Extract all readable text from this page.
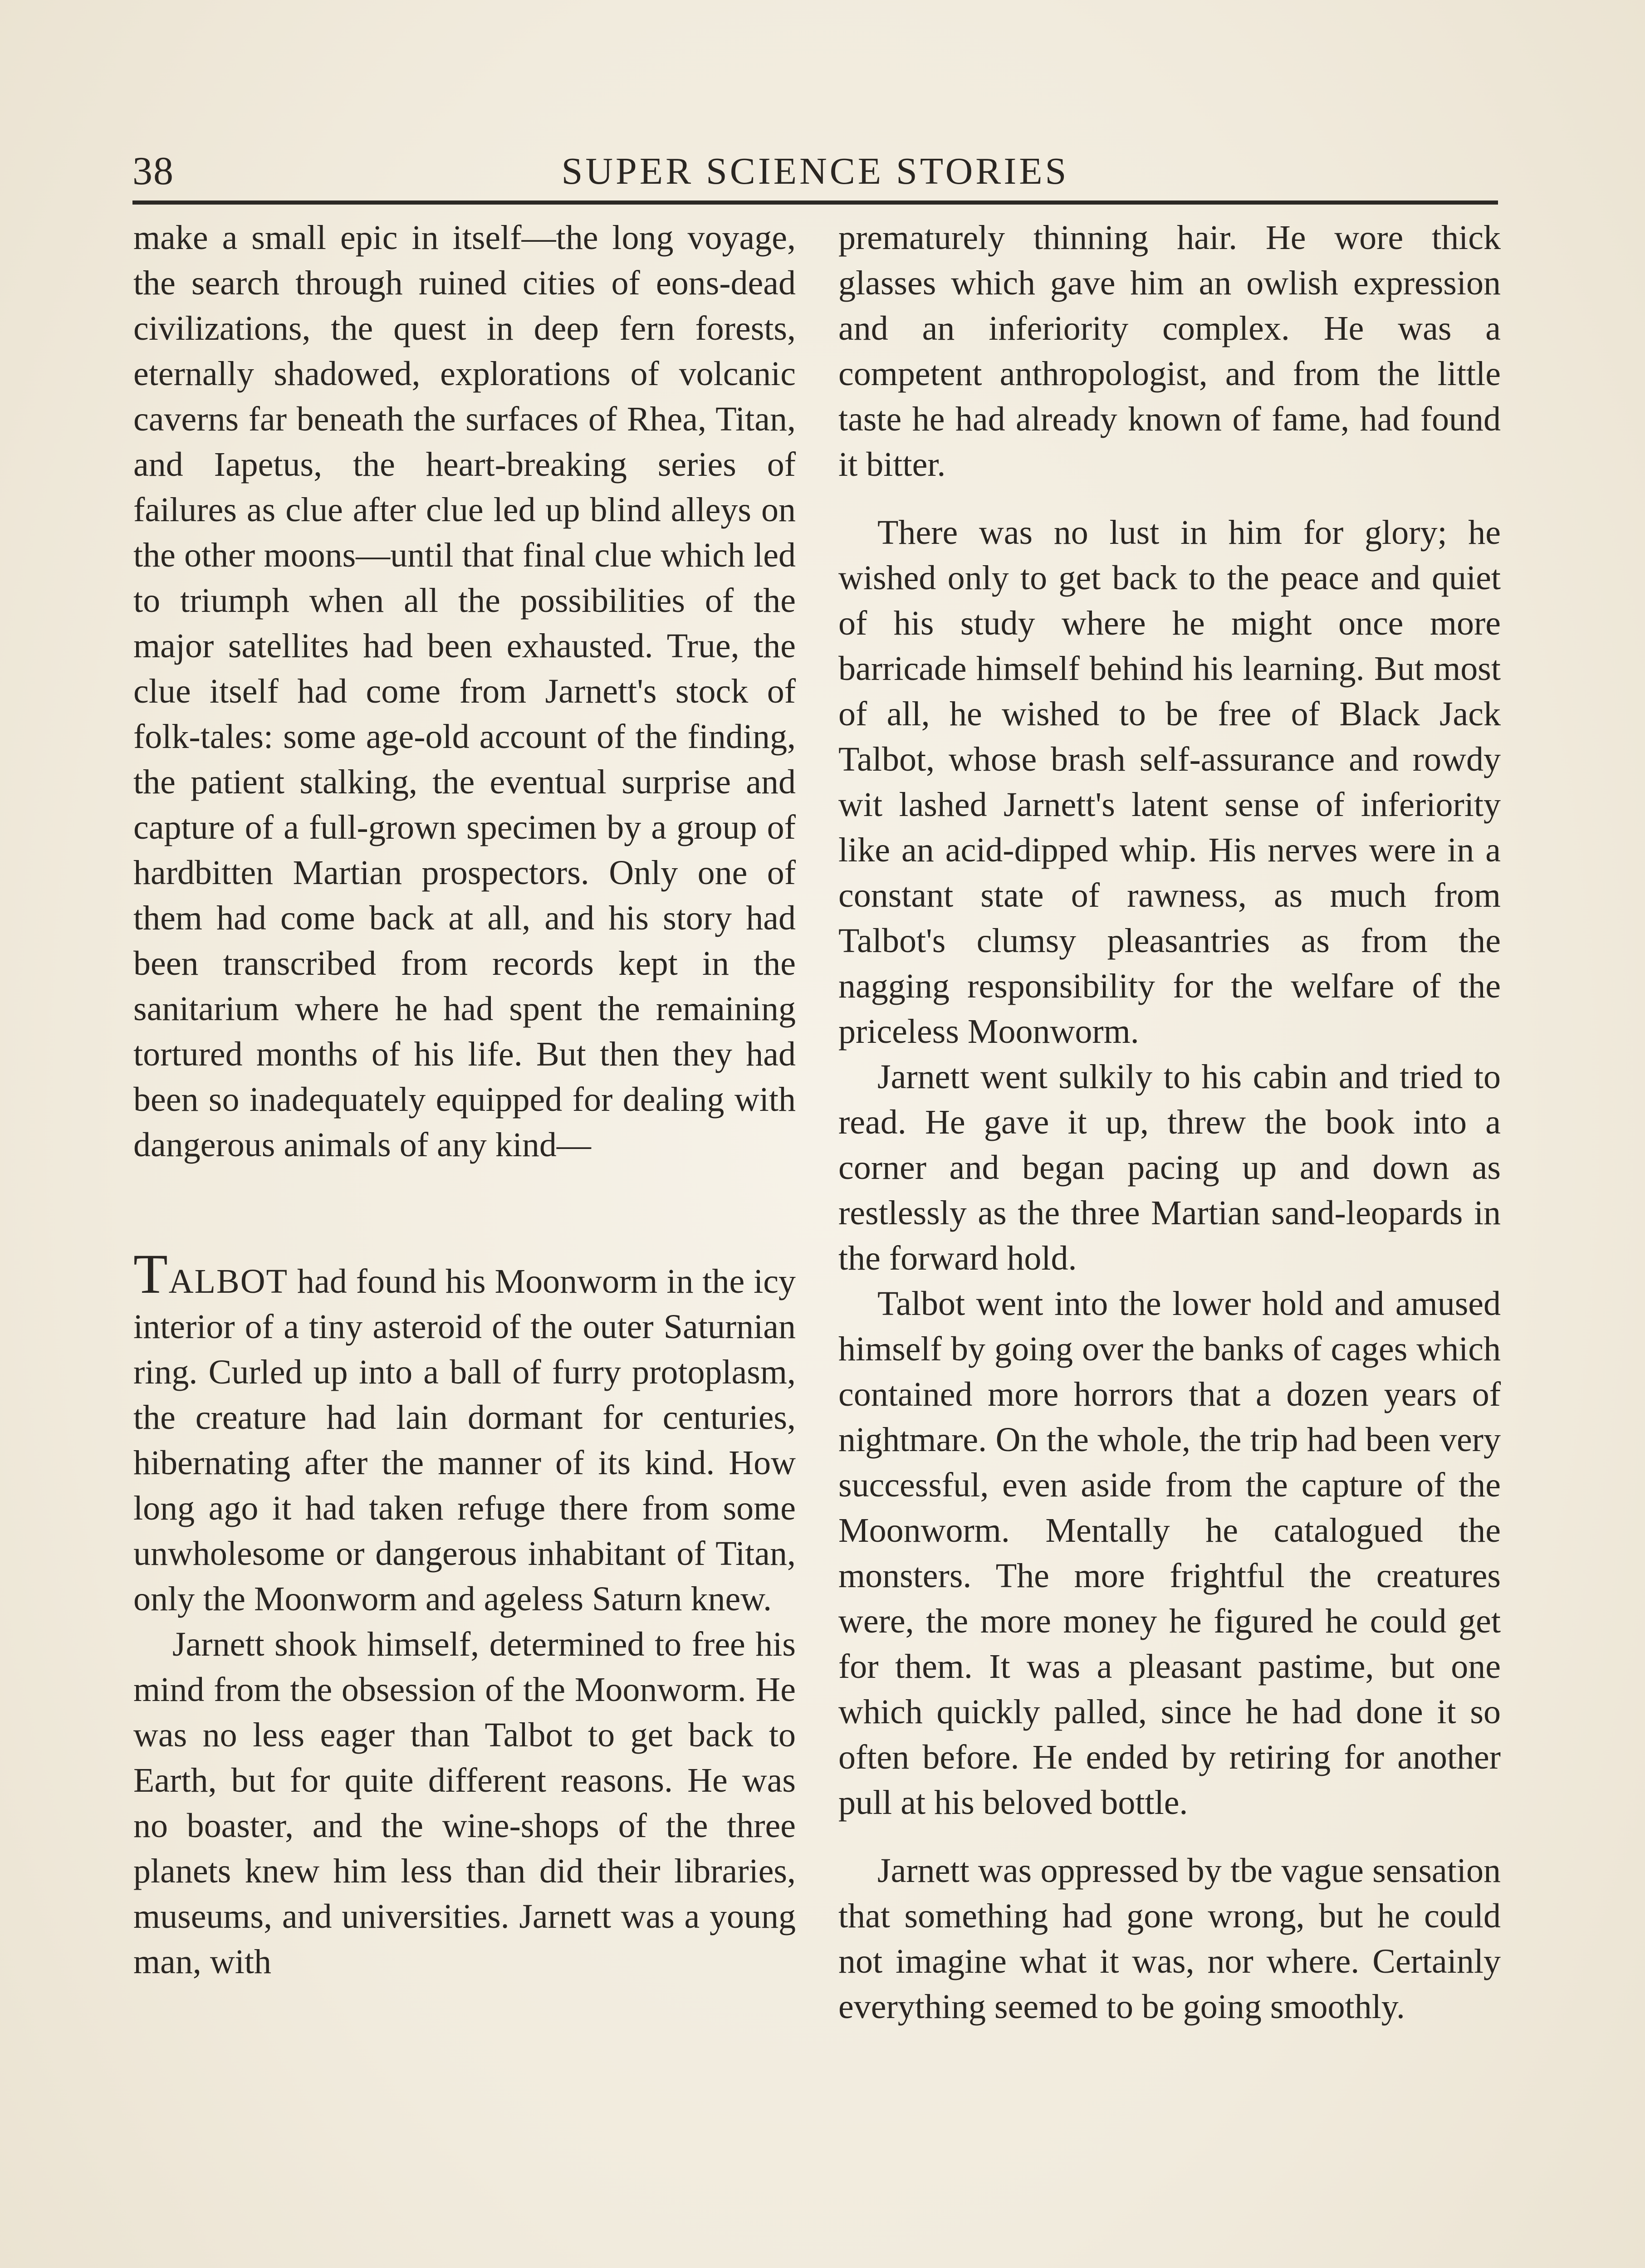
38	SUPER SCIENCE STORIES

make a small epic in itself—the long voyage, the search through ruined cities of eons-dead civilizations, the quest in deep fern forests, eternally shadowed, explorations of volcanic caverns far beneath the surfaces of Rhea, Titan, and Iapetus, the heart-breaking series of failures as clue after clue led up blind alleys on the other moons—until that final clue which led to triumph when all the possibilities of the major satellites had been exhausted. True, the clue itself had come from Jarnett's stock of folk-tales: some age-old account of the finding, the patient stalking, the eventual surprise and capture of a full-grown specimen by a group of hardbitten Martian prospectors. Only one of them had come back at all, and his story had been transcribed from records kept in the sanitarium where he had spent the remaining tortured months of his life. But then they had been so inadequately equipped for dealing with dangerous animals of any kind—

TALBOT had found his Moonworm in the icy interior of a tiny asteroid of the outer Saturnian ring. Curled up into a ball of furry protoplasm, the creature had lain dormant for centuries, hibernating after the manner of its kind. How long ago it had taken refuge there from some unwholesome or dangerous inhabitant of Titan, only the Moonworm and ageless Saturn knew.

Jarnett shook himself, determined to free his mind from the obsession of the Moonworm. He was no less eager than Talbot to get back to Earth, but for quite different reasons. He was no boaster, and the wine-shops of the three planets knew him less than did their libraries, museums, and universities. Jarnett was a young man, with

prematurely thinning hair. He wore thick glasses which gave him an owlish expression and an inferiority complex. He was a competent anthropologist, and from the little taste he had already known of fame, had found it bitter.

There was no lust in him for glory; he wished only to get back to the peace and quiet of his study where he might once more barricade himself behind his learning. But most of all, he wished to be free of Black Jack Talbot, whose brash self-assurance and rowdy wit lashed Jarnett's latent sense of inferiority like an acid-dipped whip. His nerves were in a constant state of rawness, as much from Talbot's clumsy pleasantries as from the nagging responsibility for the welfare of the priceless Moonworm.

Jarnett went sulkily to his cabin and tried to read. He gave it up, threw the book into a corner and began pacing up and down as restlessly as the three Martian sand-leopards in the forward hold.

Talbot went into the lower hold and amused himself by going over the banks of cages which contained more horrors that a dozen years of nightmare. On the whole, the trip had been very successful, even aside from the capture of the Moonworm. Mentally he catalogued the monsters. The more frightful the creatures were, the more money he figured he could get for them. It was a pleasant pastime, but one which quickly palled, since he had done it so often before. He ended by retiring for another pull at his beloved bottle.

Jarnett was oppressed by tbe vague sensation that something had gone wrong, but he could not imagine what it was, nor where. Certainly everything seemed to be going smoothly.
